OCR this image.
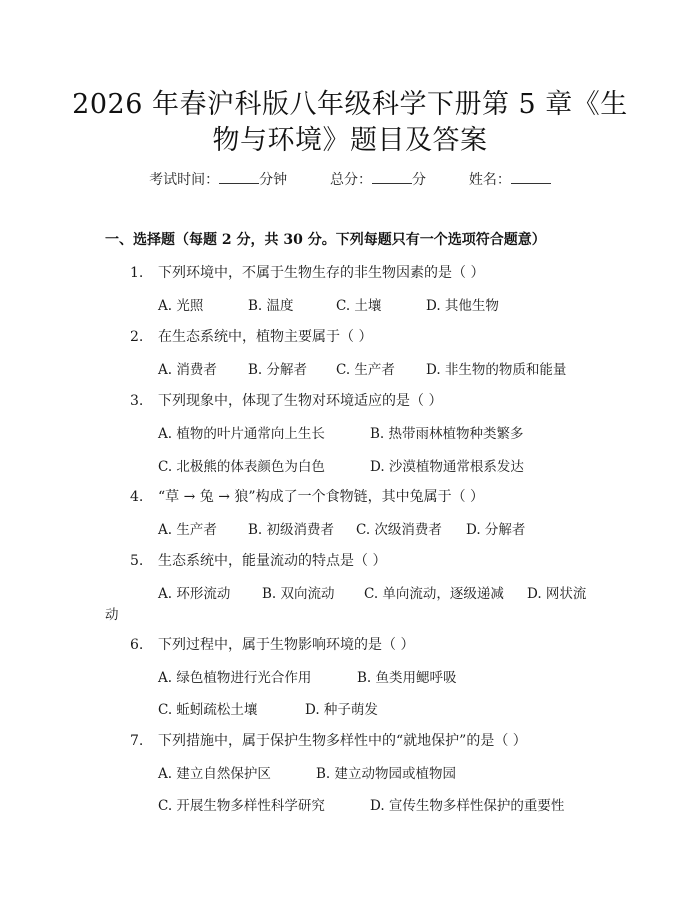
2026 年春沪科版八年级科学下册第 5 章《生
物与环境》题目及答案
考试时间：	分钟	总分：	分	姓名：
一、选择题（每题 2 分，共 30 分。下列每题只有一个选项符合题意）
1. 下列环境中，不属于生物生存的非生物因素的是（ ）
A. 光照	B. 温度	C. 土壤	D. 其他生物
2. 在生态系统中，植物主要属于（ ）
A. 消费者 B. 分解者 C. 生产者 D. 非生物的物质和能量
3. 下列现象中，体现了生物对环境适应的是（ ）
A. 植物的叶片通常向上生长	B. 热带雨林植物种类繁多
C. 北极熊的体表颜色为白色	D. 沙漠植物通常根系发达
4. “草 → 兔 → 狼”构成了一个食物链，其中兔属于（ ）
A. 生产者 B. 初级消费者 C. 次级消费者 D. 分解者
5. 生态系统中，能量流动的特点是（ ）
A. 环形流动 B. 双向流动 C. 单向流动，逐级递减 D. 网状流
动
6. 下列过程中，属于生物影响环境的是（ ）
A. 绿色植物进行光合作用	B. 鱼类用鳃呼吸
C. 蚯蚓疏松土壤	D. 种子萌发
7. 下列措施中，属于保护生物多样性中的“就地保护”的是（ ）
A. 建立自然保护区	B. 建立动物园或植物园
C. 开展生物多样性科学研究	D. 宣传生物多样性保护的重要性
